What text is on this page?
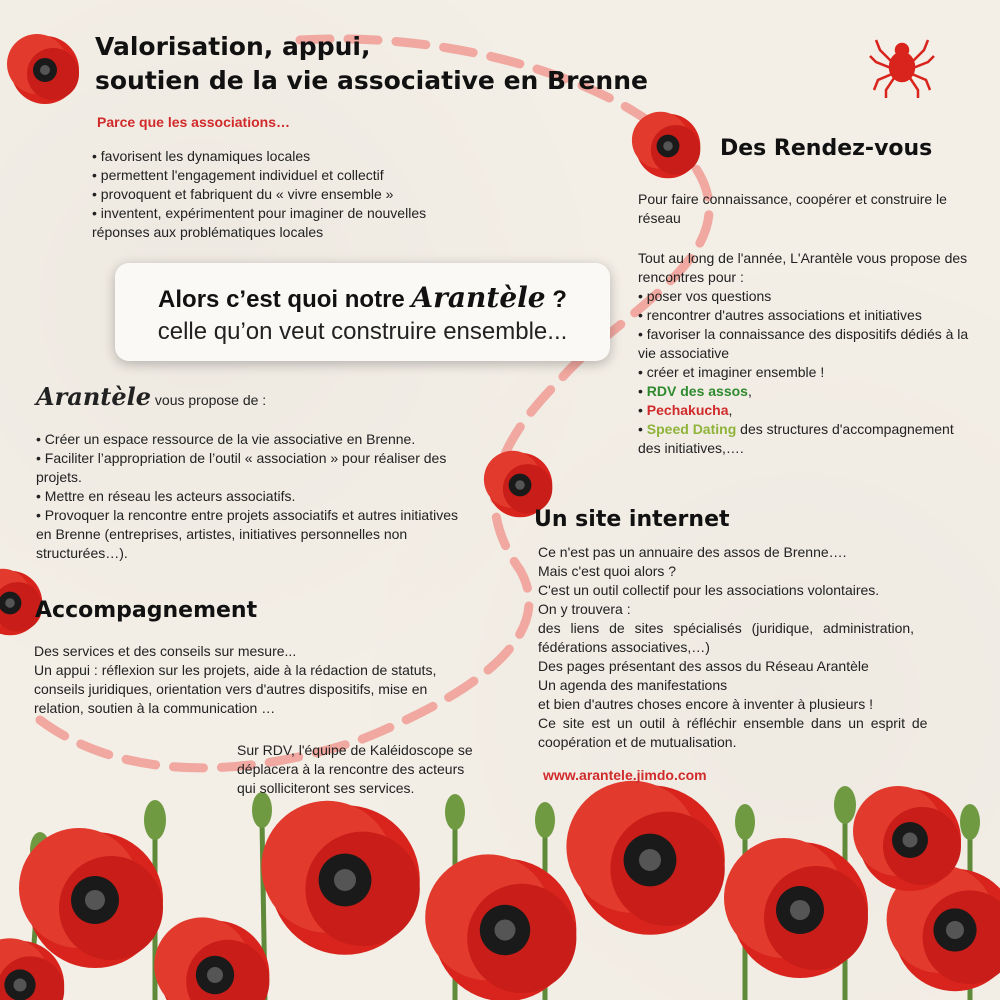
Valorisation, appui,
soutien de la vie associative en Brenne
Parce que les associations…
• favorisent les dynamiques locales
• permettent l'engagement individuel et collectif
• provoquent et fabriquent du « vivre ensemble »
• inventent, expérimentent pour imaginer de nouvelles
réponses aux problématiques locales
Alors c’est quoi notre Arantèle ?
celle qu’on veut construire ensemble...
Arantèle vous propose de :
• Créer un espace ressource de la vie associative en Brenne.
• Faciliter l’appropriation de l’outil « association » pour réaliser des
projets.
• Mettre en réseau les acteurs associatifs.
• Provoquer la rencontre entre projets associatifs et autres initiatives
en Brenne (entreprises, artistes, initiatives personnelles non
structurées…).
Accompagnement
Des services et des conseils sur mesure...
Un appui : réflexion sur les projets, aide à la rédaction de statuts,
conseils juridiques, orientation vers d'autres dispositifs, mise en
relation, soutien à la communication …
Sur RDV, l'équipe de Kaléidoscope se
déplacera à la rencontre des acteurs
qui solliciteront ses services.
Des Rendez-vous
Pour faire connaissance, coopérer et construire le
réseau
Tout au long de l'année, L'Arantèle vous propose des
rencontres pour :
• poser vos questions
• rencontrer d'autres associations et initiatives
• favoriser la connaissance des dispositifs dédiés à la
vie associative
• créer et imaginer ensemble !
• RDV des assos,
• Pechakucha,
• Speed Dating des structures d'accompagnement
des initiatives,….
Un site internet
Ce n'est pas un annuaire des assos de Brenne….
Mais c'est quoi alors ?
C'est un outil collectif pour les associations volontaires.
On y trouvera :
des liens de sites spécialisés (juridique, administration,
fédérations associatives,…)
Des pages présentant des assos du Réseau Arantèle
Un agenda des manifestations
et bien d'autres choses encore à inventer à plusieurs !
Ce site est un outil à réfléchir ensemble dans un esprit de
coopération et de mutualisation.
www.arantele.jimdo.com
